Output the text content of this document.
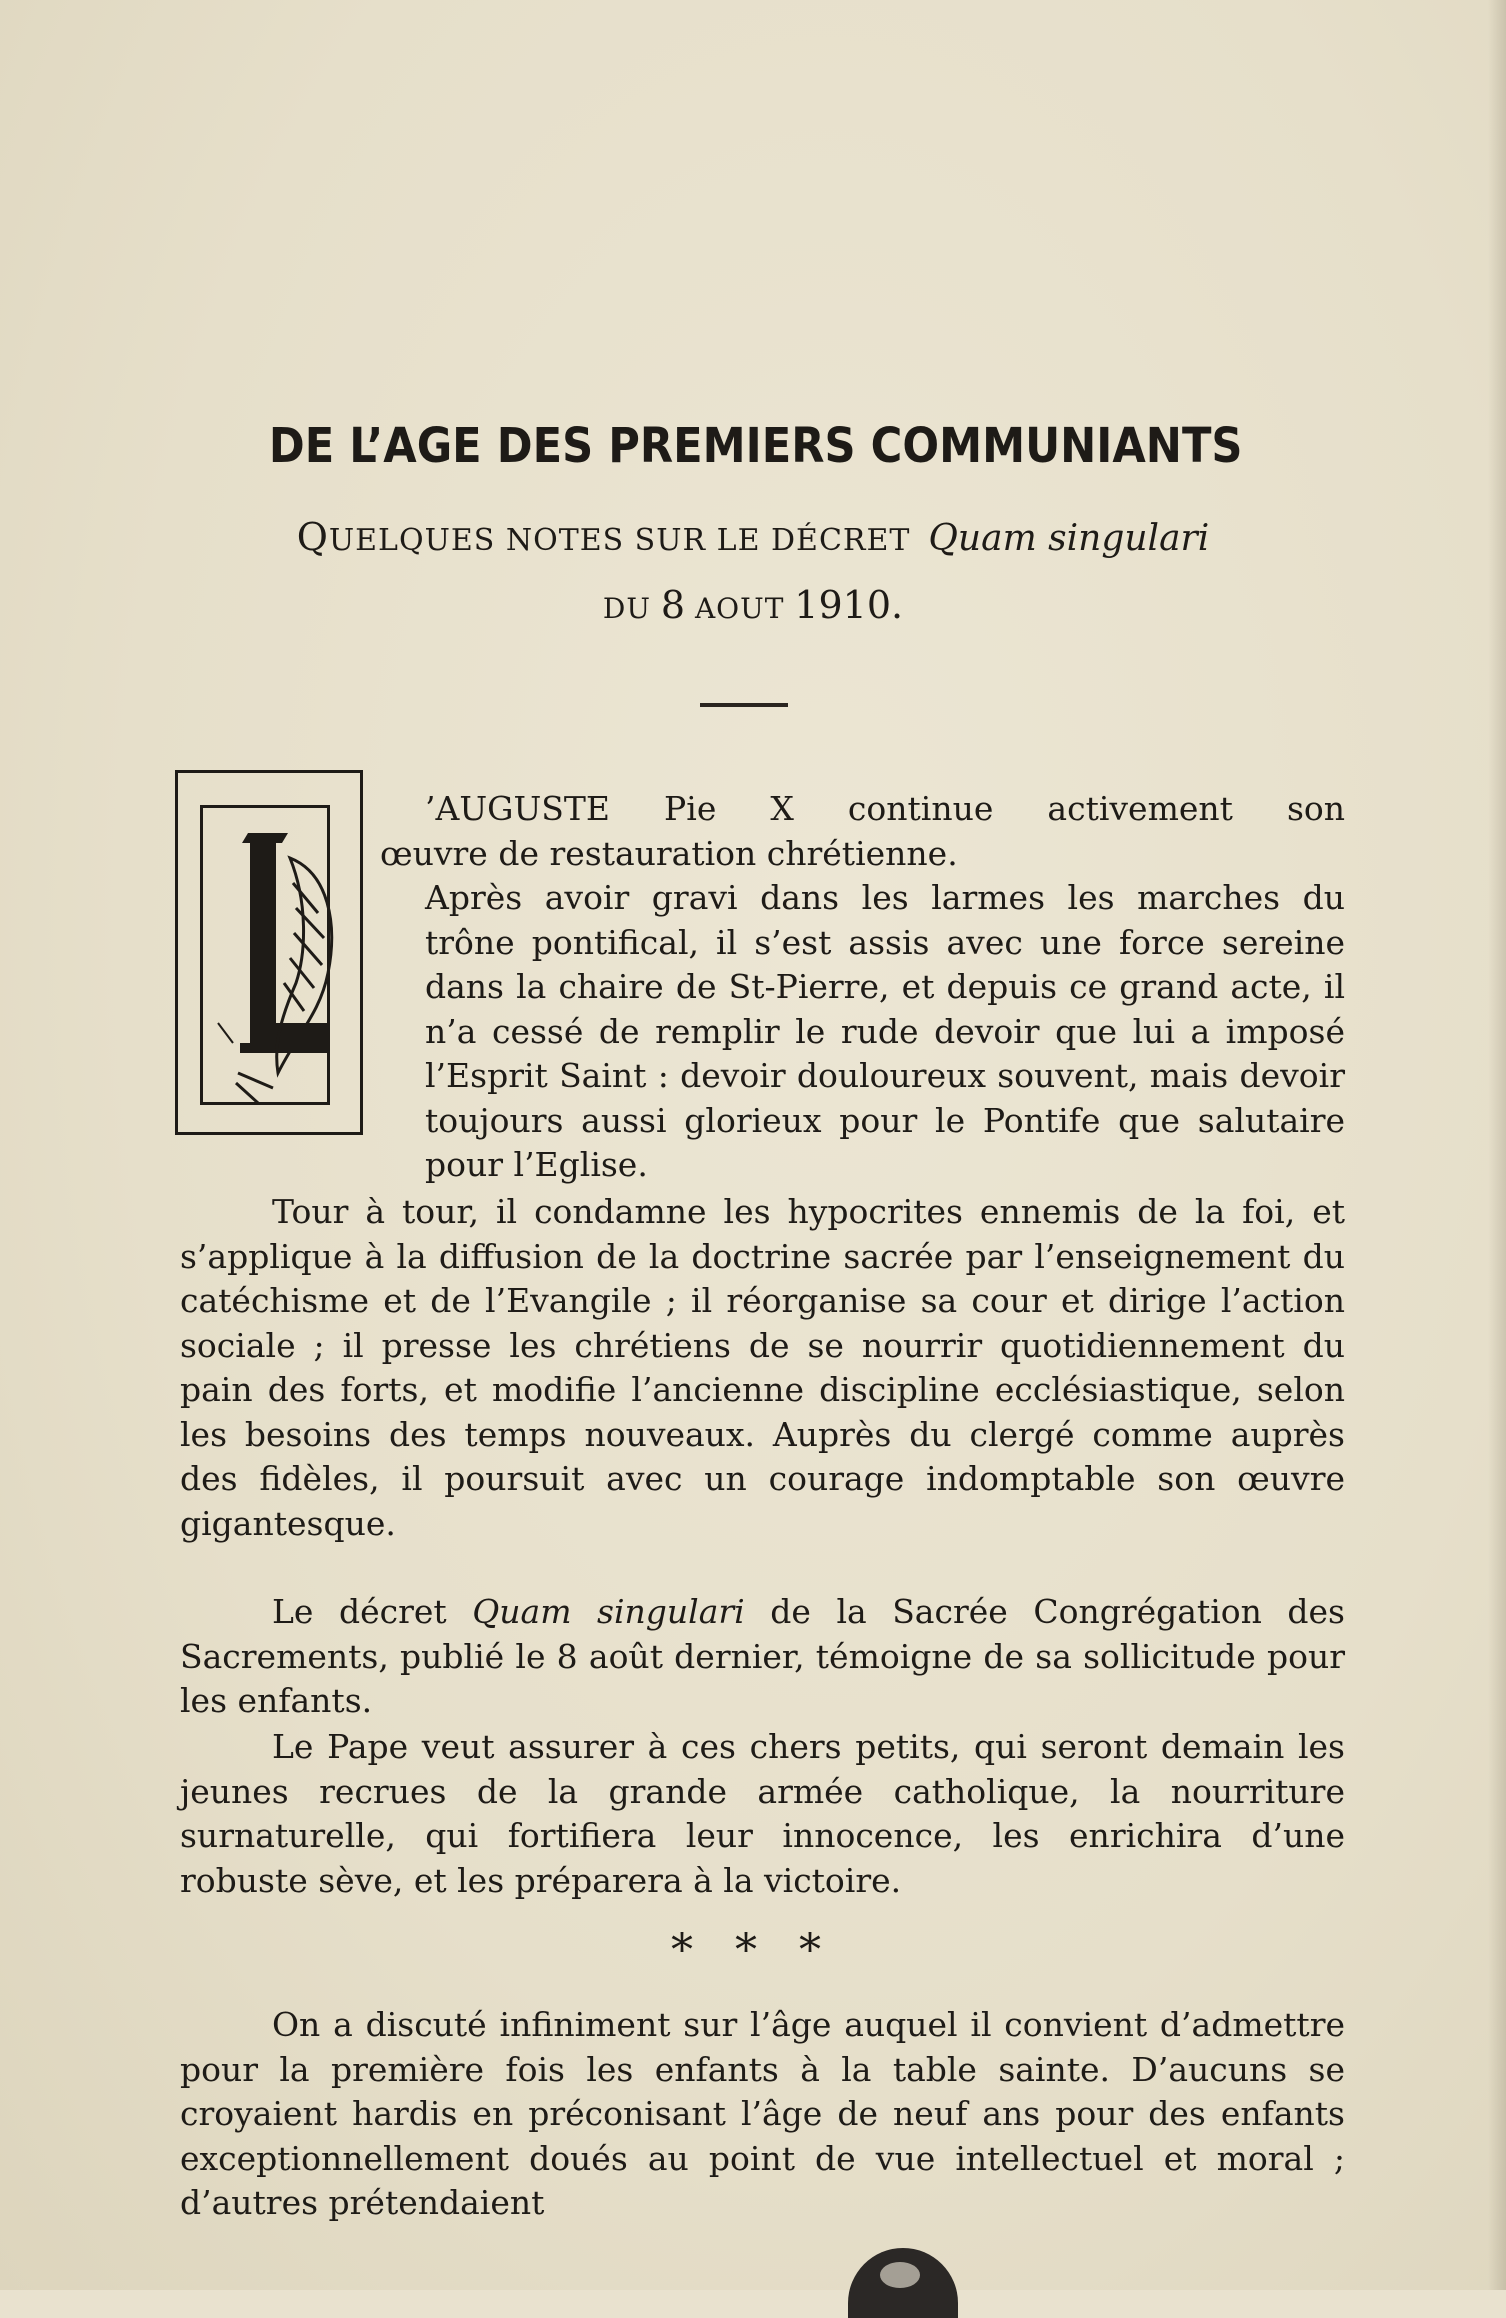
DE L’AGE DES PREMIERS COMMUNIANTS
QUELQUES NOTES SUR LE DÉCRET Quam singulari
DU 8 AOUT 1910.

’AUGUSTE Pie X continue activement son

œuvre de restauration chrétienne.

Après avoir gravi dans les larmes les marches du trône pontifical, il s’est assis avec une force sereine dans la chaire de St-Pierre, et depuis ce grand acte, il n’a cessé de remplir le rude devoir que lui a imposé l’Esprit Saint : devoir douloureux souvent, mais devoir toujours aussi glorieux pour le Pontife que salutaire pour l’Eglise.

Tour à tour, il condamne les hypocrites ennemis de la foi, et s’applique à la diffusion de la doctrine sacrée par l’enseignement du catéchisme et de l’Evangile ; il réorganise sa cour et dirige l’action sociale ; il presse les chrétiens de se nourrir quotidiennement du pain des forts, et modifie l’ancienne discipline ecclésiastique, selon les besoins des temps nouveaux. Auprès du clergé comme auprès des fidèles, il poursuit avec un courage indomptable son œuvre gigantesque.

Le décret Quam singulari de la Sacrée Congrégation des Sacrements, publié le 8 août dernier, témoigne de sa sollicitude pour les enfants.

Le Pape veut assurer à ces chers petits, qui seront demain les jeunes recrues de la grande armée catholique, la nourriture surnaturelle, qui fortifiera leur innocence, les enrichira d’une robuste sève, et les préparera à la victoire.

* * *

On a discuté infiniment sur l’âge auquel il convient d’admettre pour la première fois les enfants à la table sainte. D’aucuns se croyaient hardis en préconisant l’âge de neuf ans pour des enfants exceptionnellement doués au point de vue intellectuel et moral ; d’autres prétendaient
